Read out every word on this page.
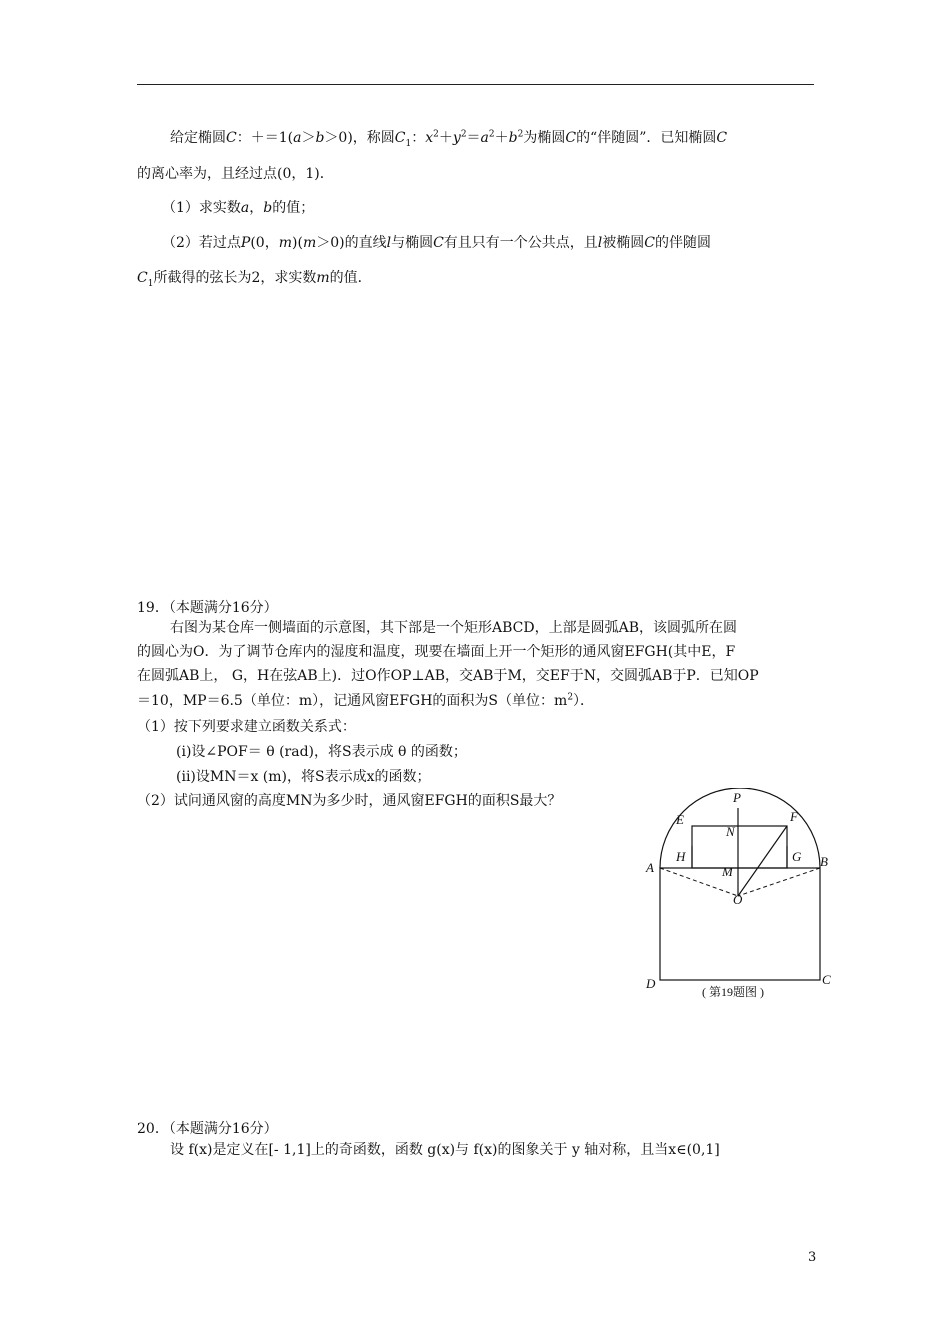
给定椭圆C：＋＝1(a＞b＞0)，称圆$C_1$：$x^2+y^2=a^2+b^2$为椭圆C的“伴随圆”．已知椭圆C
的离心率为，且经过点(0，1)．
（1）求实数a，b的值；
（2）若过点P(0，m)(m＞0)的直线l与椭圆C有且只有一个公共点，且l被椭圆C的伴随圆
$C_1$所截得的弦长为2，求实数m的值．
19．（本题满分16分）
右图为某仓库一侧墙面的示意图，其下部是一个矩形ABCD，上部是圆弧AB，该圆弧所在圆
的圆心为O．为了调节仓库内的湿度和温度，现要在墙面上开一个矩形的通风窗EFGH(其中E，F
在圆弧AB上， G，H在弦AB上)．过O作OP⊥AB，交AB于M，交EF于N，交圆弧AB于P．已知OP
＝10，MP＝6.5（单位：m），记通风窗EFGH的面积为S（单位：$m^2$）．
（1）按下列要求建立函数关系式：
(i)设∠POF＝ θ (rad)，将S表示成 θ 的函数；
(ii)设MN＝x (m)，将S表示成x的函数；
（2）试问通风窗的高度MN为多少时，通风窗EFGH的面积S最大？	P
E	F
N
H	G
A	B
M
O
D	C
( 第19题图 )
20．（本题满分16分）
设 f(x)是定义在[- 1,1]上的奇函数，函数 g(x)与 f(x)的图象关于 y 轴对称，且当x∈(0,1]
3
